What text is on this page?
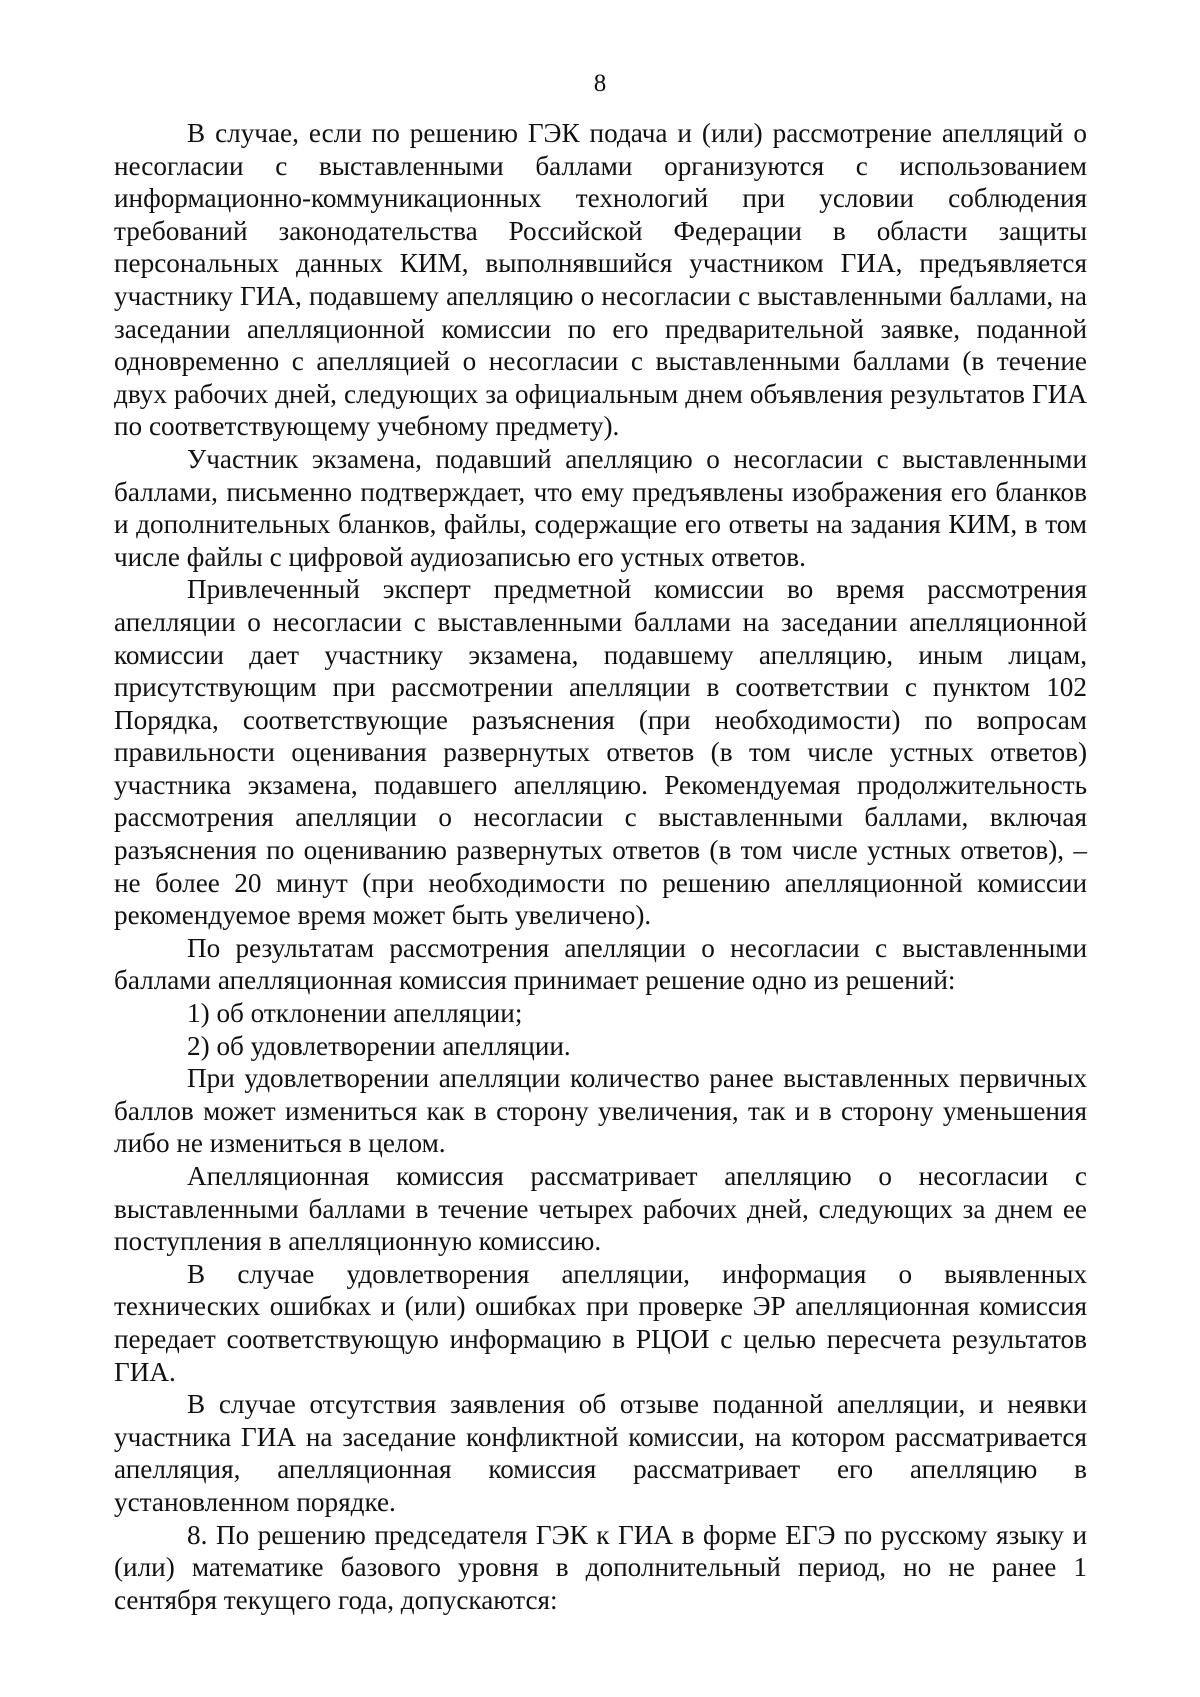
8

В случае, если по решению ГЭК подача и (или) рассмотрение апелляций о несогласии с выставленными баллами организуются с использованием информационно-коммуникационных технологий при условии соблюдения требований законодательства Российской Федерации в области защиты персональных данных КИМ, выполнявшийся участником ГИА, предъявляется участнику ГИА, подавшему апелляцию о несогласии с выставленными баллами, на заседании апелляционной комиссии по его предварительной заявке, поданной одновременно с апелляцией о несогласии с выставленными баллами (в течение двух рабочих дней, следующих за официальным днем объявления результатов ГИА по соответствующему учебному предмету).

Участник экзамена, подавший апелляцию о несогласии с выставленными баллами, письменно подтверждает, что ему предъявлены изображения его бланков и дополнительных бланков, файлы, содержащие его ответы на задания КИМ, в том числе файлы с цифровой аудиозаписью его устных ответов.

Привлеченный эксперт предметной комиссии во время рассмотрения апелляции о несогласии с выставленными баллами на заседании апелляционной комиссии дает участнику экзамена, подавшему апелляцию, иным лицам, присутствующим при рассмотрении апелляции в соответствии с пунктом 102 Порядка, соответствующие разъяснения (при необходимости) по вопросам правильности оценивания развернутых ответов (в том числе устных ответов) участника экзамена, подавшего апелляцию. Рекомендуемая продолжительность рассмотрения апелляции о несогласии с выставленными баллами, включая разъяснения по оцениванию развернутых ответов (в том числе устных ответов), – не более 20 минут (при необходимости по решению апелляционной комиссии рекомендуемое время может быть увеличено).

По результатам рассмотрения апелляции о несогласии с выставленными баллами апелляционная комиссия принимает решение одно из решений:

1) об отклонении апелляции;

2) об удовлетворении апелляции.

При удовлетворении апелляции количество ранее выставленных первичных баллов может измениться как в сторону увеличения, так и в сторону уменьшения либо не измениться в целом.

Апелляционная комиссия рассматривает апелляцию о несогласии с выставленными баллами в течение четырех рабочих дней, следующих за днем ее поступления в апелляционную комиссию.

В случае удовлетворения апелляции, информация о выявленных технических ошибках и (или) ошибках при проверке ЭР апелляционная комиссия передает соответствующую информацию в РЦОИ с целью пересчета результатов ГИА.

В случае отсутствия заявления об отзыве поданной апелляции, и неявки участника ГИА на заседание конфликтной комиссии, на котором рассматривается апелляция, апелляционная комиссия рассматривает его апелляцию в установленном порядке.

8. По решению председателя ГЭК к ГИА в форме ЕГЭ по русскому языку и (или) математике базового уровня в дополнительный период, но не ранее 1 сентября текущего года, допускаются:
